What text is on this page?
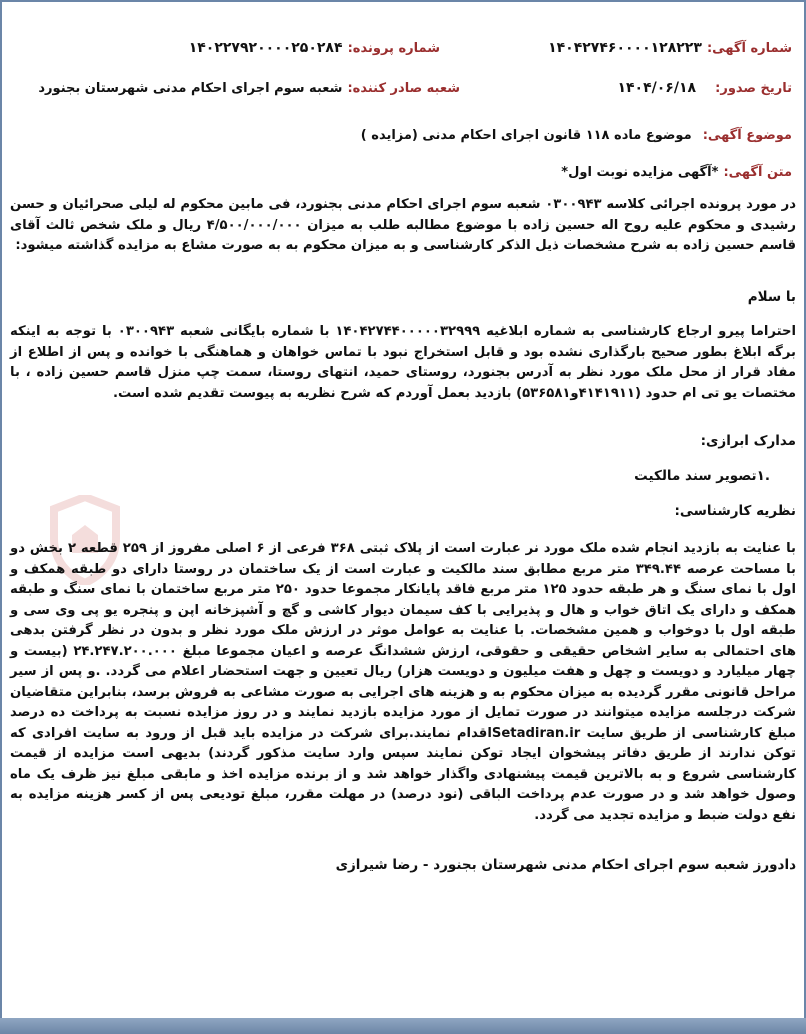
شماره آگهی: ۱۴۰۴۲۷۴۶۰۰۰۰۱۲۸۲۲۳
شماره پرونده: ۱۴۰۲۲۷۹۲۰۰۰۰۲۵۰۲۸۴
تاریخ صدور: ۱۴۰۴/۰۶/۱۸
شعبه صادر کننده: شعبه سوم اجرای احکام مدنی شهرستان بجنورد
موضوع آگهی: موضوع ماده ۱۱۸ قانون اجرای احکام مدنی (مزایده )
متن آگهی: *آگهی مزایده نوبت اول*
در مورد پرونده اجرائی کلاسه ۰۳۰۰۹۴۳ شعبه سوم اجرای احکام مدنی بجنورد، فی مابین محکوم له لیلی صحرائیان و حسن رشیدی و محکوم علیه روح اله حسین زاده با موضوع مطالبه طلب به میزان ۴/۵۰۰/۰۰۰/۰۰۰ ریال و ملک شخص ثالث آقای قاسم حسین زاده به شرح مشخصات ذیل الذکر کارشناسی و به میزان محکوم به به صورت مشاع به مزایده گذاشته میشود:
با سلام
احتراما پیرو ارجاع کارشناسی به شماره ابلاغیه ۱۴۰۴۲۷۴۴۰۰۰۰۰۳۲۹۹۹ با شماره بایگانی شعبه ۰۳۰۰۹۴۳ با توجه به اینکه برگه ابلاغ بطور صحیح بارگذاری نشده بود و قابل استخراج نبود با تماس خواهان و هماهنگی با خوانده و پس از اطلاع از مفاد قرار از محل ملک مورد نظر به آدرس بجنورد، روستای حمید، انتهای روستا، سمت چپ منزل قاسم حسین زاده ، با مختصات یو تی ام حدود (۴۱۴۱۹۱۱و۵۳۶۵۸۱) بازدید بعمل آوردم که شرح نظریه به پیوست تقدیم شده است.
مدارک ابرازی:
.۱تصویر سند مالکیت
نظریه کارشناسی:
با عنایت به بازدید انجام شده ملک مورد نر عبارت است از پلاک ثبتی ۳۶۸ فرعی از ۶ اصلی مفروز از ۲۵۹ قطعه ۲ بخش دو با مساحت عرصه ۳۴۹.۴۴ متر مربع مطابق سند مالکیت و عبارت است از یک ساختمان در روستا دارای دو طبقه همکف و اول با نمای سنگ و هر طبقه حدود ۱۲۵ متر مربع فاقد پایانکار مجموعا حدود ۲۵۰ متر مربع ساختمان با نمای سنگ و طبقه همکف و دارای یک اتاق خواب و هال و پذیرایی با کف سیمان دیوار کاشی و گچ و آشپزخانه اپن و پنجره یو پی وی سی و طبقه اول با دوخواب و همین مشخصات. با عنایت به عوامل موثر در ارزش ملک مورد نظر و بدون در نظر گرفتن بدهی های احتمالی به سایر اشخاص حقیقی و حقوقی، ارزش ششدانگ عرصه و اعیان مجموعا مبلغ ۲۴.۲۴۷.۲۰۰.۰۰۰ (بیست و چهار میلیارد و دویست و چهل و هفت میلیون و دویست هزار) ریال تعیین و جهت استحضار اعلام می گردد. .و پس از سیر مراحل قانونی مقرر گردیده به میزان محکوم به و هزینه های اجرایی به صورت مشاعی به فروش برسد، بنابراین متقاضیان شرکت درجلسه مزایده میتوانند در صورت تمایل از مورد مزایده بازدید نمایند و در روز مزایده نسبت به پرداخت ده درصد مبلغ کارشناسی از طریق سایت Setadiran.irاقدام نمایند.برای شرکت در مزایده باید قبل از ورود به سایت افرادی که توکن ندارند از طریق دفاتر پیشخوان ایجاد توکن نمایند سپس وارد سایت مذکور گردند) بدیهی است مزایده از قیمت کارشناسی شروع و به بالاترین قیمت پیشنهادی واگذار خواهد شد و از برنده مزایده اخذ و مابقی مبلغ نیز ظرف یک ماه وصول خواهد شد و در صورت عدم پرداخت الباقی (نود درصد) در مهلت مقرر، مبلغ تودیعی پس از کسر هزینه مزایده به نفع دولت ضبط و مزایده تجدید می گردد.
دادورز شعبه سوم اجرای احکام مدنی شهرستان بجنورد - رضا شیرازی
